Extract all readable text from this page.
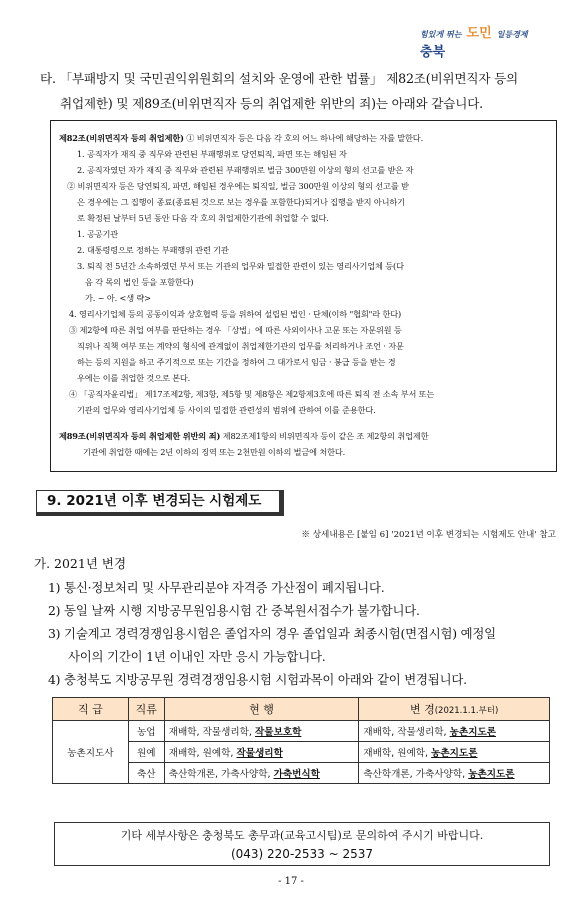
힘있게 뛰는 도민 일등경제 충북
타. 「부패방지 및 국민권익위원회의 설치와 운영에 관한 법률」 제82조(비위면직자 등의
취업제한) 및 제89조(비위면직자 등의 취업제한 위반의 죄)는 아래와 같습니다.

제82조(비위면직자 등의 취업제한) ① 비위면직자 등은 다음 각 호의 어느 하나에 해당하는 자를 말한다.

1. 공직자가 재직 중 직무와 관련된 부패행위로 당연퇴직, 파면 또는 해임된 자

2. 공직자였던 자가 재직 중 직무와 관련된 부패행위로 벌금 300만원 이상의 형의 선고를 받은 자

② 비위면직자 등은 당연퇴직, 파면, 해임된 경우에는 퇴직일, 벌금 300만원 이상의 형의 선고를 받

은 경우에는 그 집행이 종료(종료된 것으로 보는 경우를 포함한다)되거나 집행을 받지 아니하기

로 확정된 날부터 5년 동안 다음 각 호의 취업제한기관에 취업할 수 없다.

1. 공공기관

2. 대통령령으로 정하는 부패행위 관련 기관

3. 퇴직 전 5년간 소속하였던 부서 또는 기관의 업무와 밀접한 관련이 있는 영리사기업체 등(다

음 각 목의 법인 등을 포함한다)

가. ~ 아. <생 략>

4. 영리사기업체 등의 공동이익과 상호협력 등을 위하여 설립된 법인 · 단체(이하 "협회"라 한다)

③ 제2항에 따른 취업 여부를 판단하는 경우 「상법」에 따른 사외이사나 고문 또는 자문위원 등

직위나 직책 여부 또는 계약의 형식에 관계없이 취업제한기관의 업무를 처리하거나 조언 · 자문

하는 등의 지원을 하고 주기적으로 또는 기간을 정하여 그 대가로서 임금 · 봉급 등을 받는 경

우에는 이를 취업한 것으로 본다.

④ 「공직자윤리법」 제17조제2항, 제3항, 제5항 및 제8항은 제2항제3호에 따른 퇴직 전 소속 부서 또는

기관의 업무와 영리사기업체 등 사이의 밀접한 관련성의 범위에 관하여 이를 준용한다.

제89조(비위면직자 등의 취업제한 위반의 죄) 제82조제1항의 비위면직자 등이 같은 조 제2항의 취업제한

기관에 취업한 때에는 2년 이하의 징역 또는 2천만원 이하의 벌금에 처한다.

9. 2021년 이후 변경되는 시험제도
※ 상세내용은 [붙임 6] '2021년 이후 변경되는 시험제도 안내' 참고
가. 2021년 변경

1) 통신·정보처리 및 사무관리분야 자격증 가산점이 폐지됩니다.

2) 동일 날짜 시행 지방공무원임용시험 간 중복원서접수가 불가합니다.

3) 기술계고 경력경쟁임용시험은 졸업자의 경우 졸업일과 최종시험(면접시험) 예정일

사이의 기간이 1년 이내인 자만 응시 가능합니다.

4) 충청북도 지방공무원 경력경쟁임용시험 시험과목이 아래와 같이 변경됩니다.

직 급	직류	현 행	변 경(2021.1.1.부터)
농촌지도사	농업	재배학, 작물생리학, 작물보호학	재배학, 작물생리학, 농촌지도론
	원예	재배학, 원예학, 작물생리학	재배학, 원예학, 농촌지도론
	축산	축산학개론, 가축사양학, 가축번식학	축산학개론, 가축사양학, 농촌지도론
기타 세부사항은 충청북도 총무과(교육고시팀)로 문의하여 주시기 바랍니다.
(043) 220-2533 ~ 2537
- 17 -
